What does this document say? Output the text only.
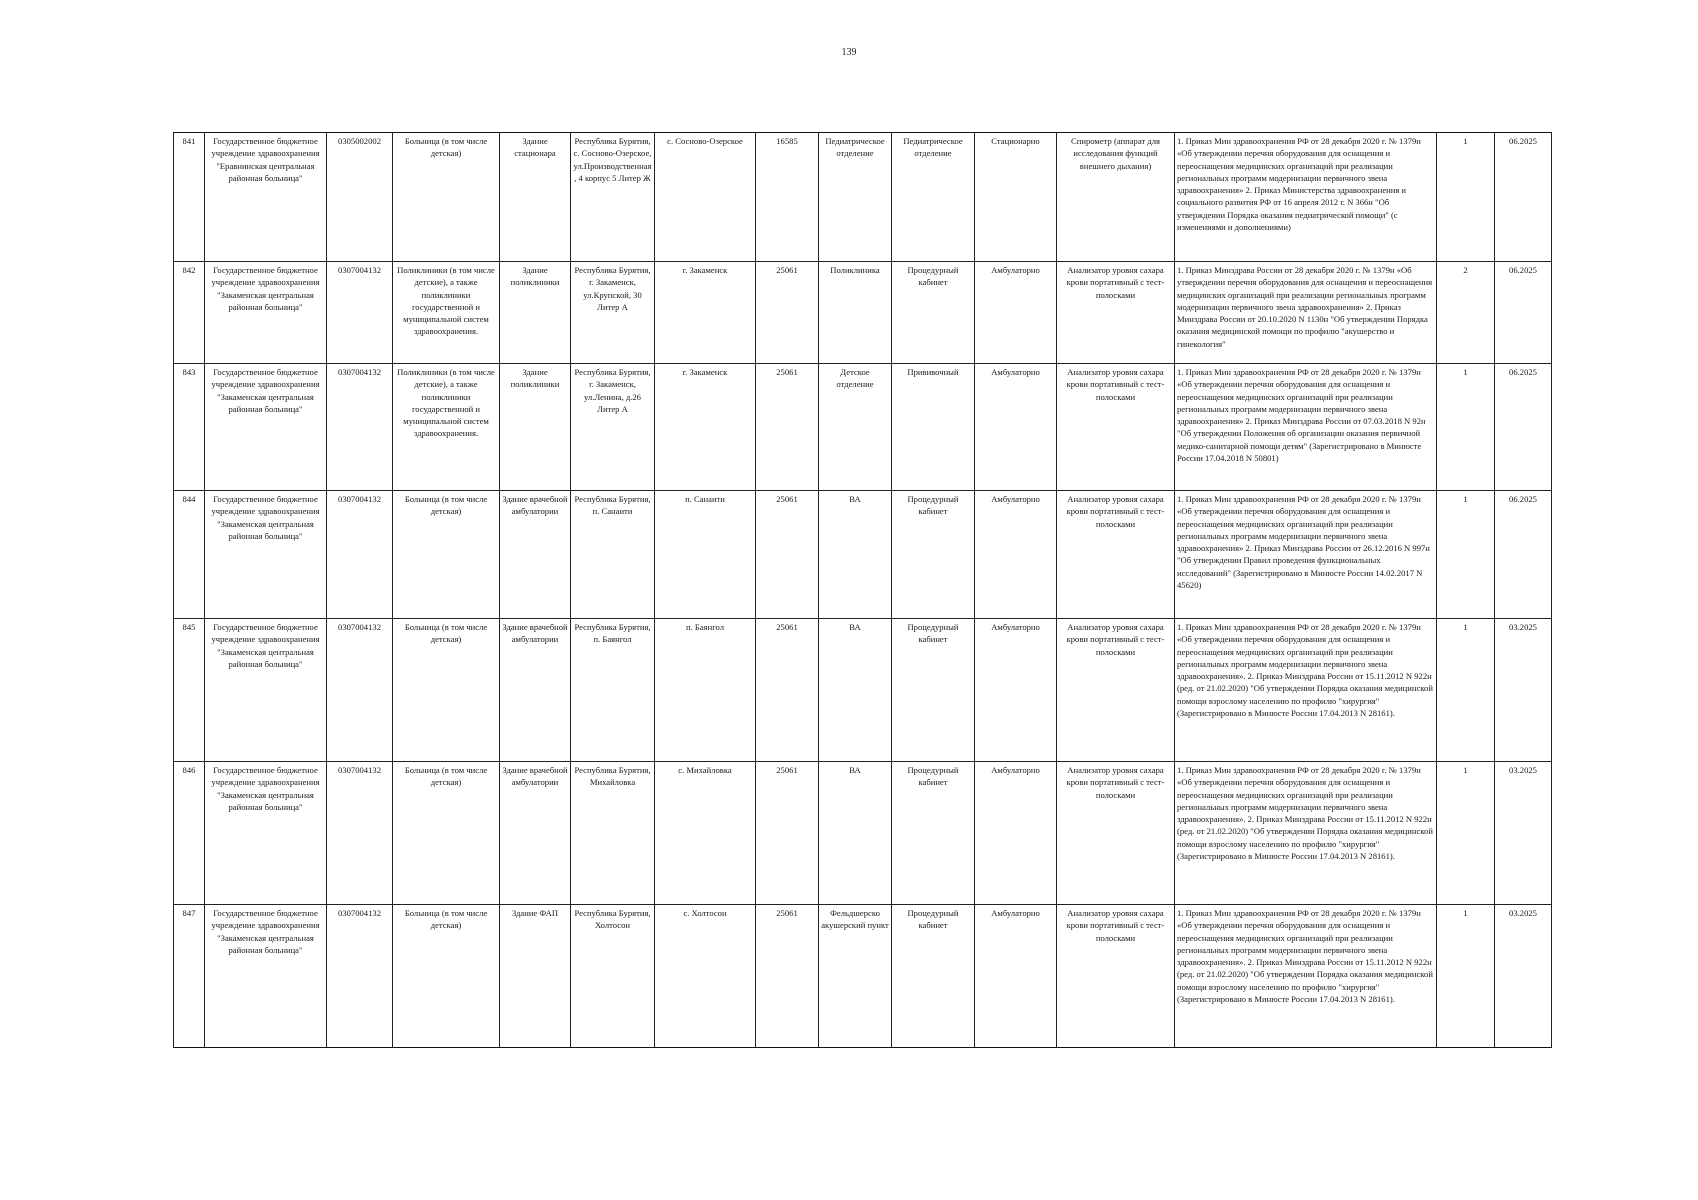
139
841	Государственное бюджетное учреждение здравоохранения "Еравнинская центральная районная больница"	0305002002	Больница (в том числе детская)	Здание стационара	Республика Бурятия, с. Сосново-Озерское, ул.Производственная, 4 корпус 5 Литер Ж	с. Сосново-Озерское	16585	Педиатрическое отделение	Педиатрическое отделение	Стационарно	Спирометр (аппарат для исследования функций внешнего дыхания)	1. Приказ Мин здравоохранения РФ от 28 декабря 2020 г. № 1379н «Об утверждении перечня оборудования для оснащения и переоснащения медицинских организаций при реализации региональных программ модернизации первичного звена здравоохранения» 2. Приказ Министерства здравоохранения и социального развития РФ от 16 апреля 2012 г. N 366н "Об утверждении Порядка оказания педиатрической помощи" (с изменениями и дополнениями)	1	06.2025
842	Государственное бюджетное учреждение здравоохранения "Закаменская центральная районная больница"	0307004132	Поликлиники (в том числе детские), а также поликлиники государственной и муниципальной систем здравоохранения.	Здание поликлиники	Республика Бурятия, г. Закаменск, ул.Крупской, 30 Литер А	г. Закаменск	25061	Поликлиника	Процедурный кабинет	Амбулаторно	Анализатор уровня сахара крови портативный с тест-полосками	1. Приказ Минздрава России от 28 декабря 2020 г. № 1379н «Об утверждении перечня оборудования для оснащения и переоснащения медицинских организаций при реализации региональных программ модернизации первичного звена здравоохранения» 2. Приказ Минздрава России от 20.10.2020 N 1130н "Об утверждении Порядка оказания медицинской помощи по профилю "акушерство и гинекология"	2	06.2025
843	Государственное бюджетное учреждение здравоохранения "Закаменская центральная районная больница"	0307004132	Поликлиники (в том числе детские), а также поликлиники государственной и муниципальной систем здравоохранения.	Здание поликлиники	Республика Бурятия, г. Закаменск, ул.Ленина, д.26 Литер А	г. Закаменск	25061	Детское отделение	Прививочный	Амбулаторно	Анализатор уровня сахара крови портативный с тест-полосками	1. Приказ Мин здравоохранения РФ от 28 декабря 2020 г. № 1379н «Об утверждении перечня оборудования для оснащения и переоснащения медицинских организаций при реализации региональных программ модернизации первичного звена здравоохранения» 2. Приказ Минздрава России от 07.03.2018 N 92н "Об утверждении Положения об организации оказания первичной медико-санитарной помощи детям" (Зарегистрировано в Минюсте России 17.04.2018 N 50801)	1	06.2025
844	Государственное бюджетное учреждение здравоохранения "Закаменская центральная районная больница"	0307004132	Больница (в том числе детская)	Здание врачебной амбулатории	Республика Бурятия, п. Санаити	п. Санаити	25061	ВА	Процедурный кабинет	Амбулаторно	Анализатор уровня сахара крови портативный с тест-полосками	1. Приказ Мин здравоохранения РФ от 28 декабря 2020 г. № 1379н «Об утверждении перечня оборудования для оснащения и переоснащения медицинских организаций при реализации региональных программ модернизации первичного звена здравоохранения» 2. Приказ Минздрава России от 26.12.2016 N 997н "Об утверждении Правил проведения функциональных исследований" (Зарегистрировано в Минюсте России 14.02.2017 N 45620)	1	06.2025
845	Государственное бюджетное учреждение здравоохранения "Закаменская центральная районная больница"	0307004132	Больница (в том числе детская)	Здание врачебной амбулатории	Республика Бурятия, п. Баянгол	п. Баянгол	25061	ВА	Процедурный кабинет	Амбулаторно	Анализатор уровня сахара крови портативный с тест-полосками	1. Приказ Мин здравоохранения РФ от 28 декабря 2020 г. № 1379н «Об утверждении перечня оборудования для оснащения и переоснащения медицинских организаций при реализации региональных программ модернизации первичного звена здравоохранения». 2. Приказ Минздрава России от 15.11.2012 N 922н (ред. от 21.02.2020) "Об утверждении Порядка оказания медицинской помощи взрослому населению по профилю "хирургия" (Зарегистрировано в Минюсте России 17.04.2013 N 28161).	1	03.2025
846	Государственное бюджетное учреждение здравоохранения "Закаменская центральная районная больница"	0307004132	Больница (в том числе детская)	Здание врачебной амбулатории	Республика Бурятия, Михайловка	с. Михайловка	25061	ВА	Процедурный кабинет	Амбулаторно	Анализатор уровня сахара крови портативный с тест-полосками	1. Приказ Мин здравоохранения РФ от 28 декабря 2020 г. № 1379н «Об утверждении перечня оборудования для оснащения и переоснащения медицинских организаций при реализации региональных программ модернизации первичного звена здравоохранения». 2. Приказ Минздрава России от 15.11.2012 N 922н (ред. от 21.02.2020) "Об утверждении Порядка оказания медицинской помощи взрослому населению по профилю "хирургия" (Зарегистрировано в Минюсте России 17.04.2013 N 28161).	1	03.2025
847	Государственное бюджетное учреждение здравоохранения "Закаменская центральная районная больница"	0307004132	Больница (в том числе детская)	Здание ФАП	Республика Бурятия, Холтосон	с. Холтосон	25061	Фельдшерско акушерский пункт	Процедурный кабинет	Амбулаторно	Анализатор уровня сахара крови портативный с тест-полосками	1. Приказ Мин здравоохранения РФ от 28 декабря 2020 г. № 1379н «Об утверждении перечня оборудования для оснащения и переоснащения медицинских организаций при реализации региональных программ модернизации первичного звена здравоохранения». 2. Приказ Минздрава России от 15.11.2012 N 922н (ред. от 21.02.2020) "Об утверждении Порядка оказания медицинской помощи взрослому населению по профилю "хирургия" (Зарегистрировано в Минюсте России 17.04.2013 N 28161).	1	03.2025
